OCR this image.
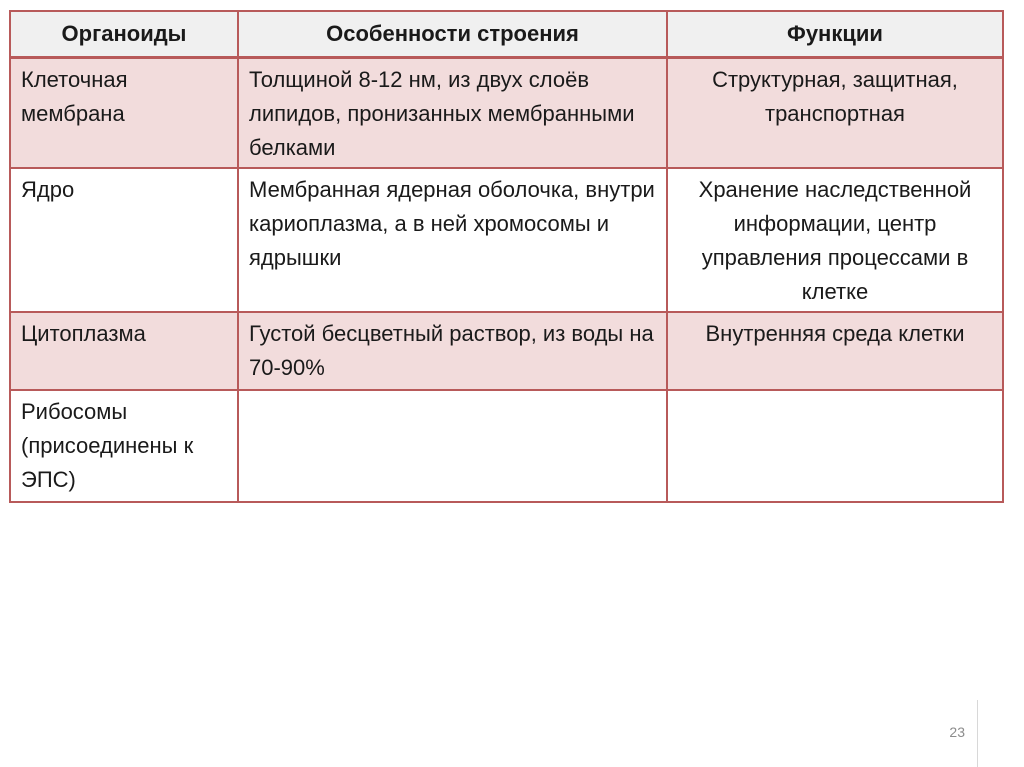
Органоиды	Особенности строения	Функции
Клеточная мембрана	Толщиной 8-12 нм, из двух слоёв липидов, пронизанных мембранными белками	Структурная, защитная, транспортная
Ядро	Мембранная ядерная оболочка, внутри кариоплазма, а в ней хромосомы и ядрышки	Хранение наследственной информации, центр управления процессами в клетке
Цитоплазма	Густой бесцветный раствор, из воды на 70-90%	Внутренняя среда клетки
Рибосомы (присоединены к ЭПС)		
23
